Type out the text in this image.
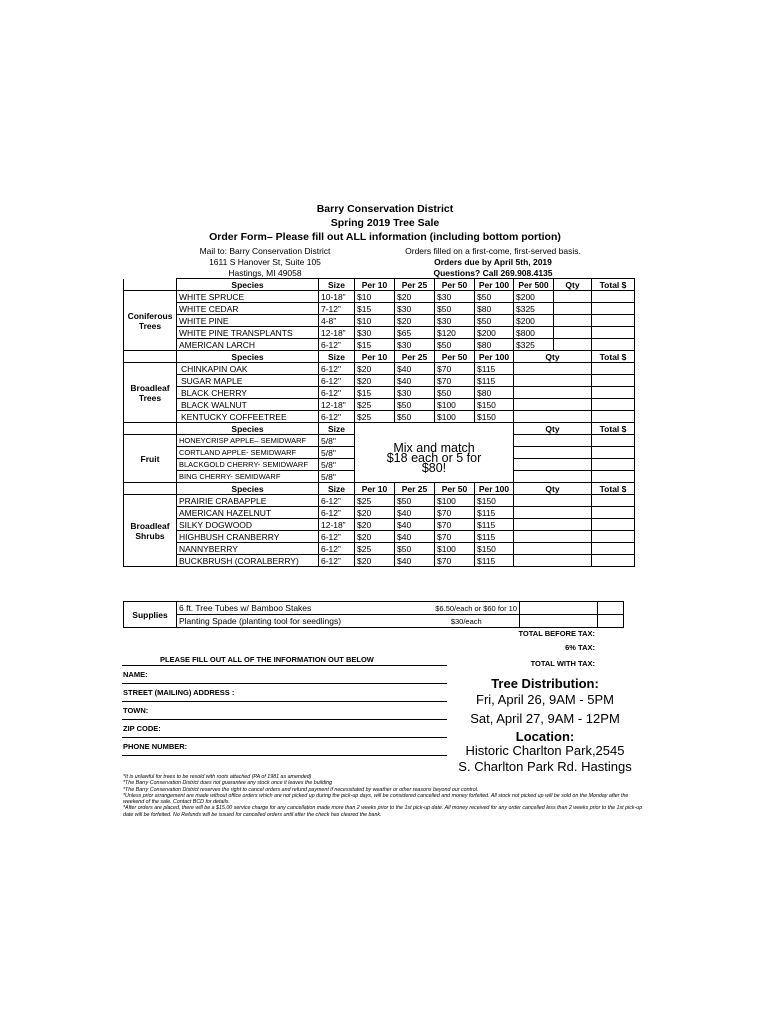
Barry Conservation District
Spring 2019 Tree Sale
Order Form– Please fill out ALL information (including bottom portion)
Mail to: Barry Conservation District
1611 S Hanover St, Suite 105
Hastings, MI 49058
Orders filled on a first-come, first-served basis.
Orders due by April 5th, 2019
Questions? Call 269.908.4135
	Species	Size	Per 10	Per 25	Per 50	Per 100	Per 500	Qty	Total $
Coniferous Trees	WHITE SPRUCE	10-18”	$10	$20	$30	$50	$200		
	WHITE CEDAR	7-12”	$15	$30	$50	$80	$325		
	WHITE PINE	4-8”	$10	$20	$30	$50	$200		
	WHITE PINE TRANSPLANTS	12-18”	$30	$65	$120	$200	$800		
	AMERICAN LARCH	6-12”	$15	$30	$50	$80	$325		
	Species	Size	Per 10	Per 25	Per 50	Per 100	Qty		Total $
Broadleaf Trees	CHINKAPIN OAK	6-12"	$20	$40	$70	$115			
	SUGAR MAPLE	6-12"	$20	$40	$70	$115			
	BLACK CHERRY	6-12"	$15	$30	$50	$80			
	BLACK WALNUT	12-18"	$25	$50	$100	$150			
	KENTUCKY COFFEETREE	6-12"	$25	$50	$100	$150			
	Species	Size					Qty		Total $
Fruit	HONEYCRISP APPLE– SEMIDWARF	5/8"	Mix and match
$18 each or 5 for
$80!						

	CORTLAND APPLE- SEMIDWARF	5/8"							
	BLACKGOLD CHERRY- SEMIDWARF	5/8"							
	BING CHERRY- SEMIDWARF	5/8"							
	Species	Size	Per 10	Per 25	Per 50	Per 100	Qty		Total $
Broadleaf Shrubs	PRAIRIE CRABAPPLE	6-12”	$25	$50	$100	$150			
	AMERICAN HAZELNUT	6-12”	$20	$40	$70	$115			
	SILKY DOGWOOD	12-18”	$20	$40	$70	$115			
	HIGHBUSH CRANBERRY	6-12”	$20	$40	$70	$115			
	NANNYBERRY	6-12”	$25	$50	$100	$150			
	BUCKBRUSH (CORALBERRY)	6-12”	$20	$40	$70	$115			
Supplies	6 ft. Tree Tubes w/ Bamboo Stakes	$6.50/each or $60 for 10		
	Planting Spade (planting tool for seedlings)	$30/each		
TOTAL BEFORE TAX:
6% TAX:
TOTAL WITH TAX:
PLEASE FILL OUT ALL OF THE INFORMATION OUT BELOW
NAME:
STREET (MAILING) ADDRESS :
TOWN:
ZIP CODE:
PHONE NUMBER:
Tree Distribution:
Fri, April 26, 9AM - 5PM
Sat, April 27, 9AM - 12PM
Location:
Historic Charlton Park,2545
S. Charlton Park Rd. Hastings
*It is unlawful for trees to be resold with roots attached (PA of 1981 as amended)
*The Barry Conservation District does not guarantee any stock once it leaves the building
*The Barry Conservation District reserves the right to cancel orders and refund payment if necessitated by weather or other reasons beyond our control.
*Unless prior arrangement are made without office orders which are not picked up during the pick-up days, will be considered cancelled and money forfeited. All stock not picked up will be sold on the Monday after the weekend of the sale. Contact BCD for details.
*After orders are placed, there will be a $15.00 service charge for any cancellation made more than 2 weeks prior to the 1st pick-up date. All money received for any order cancelled less than 2 weeks prior to the 1st pick-up date will be forfeited. No Refunds will be issued for cancelled orders until after the check has cleared the bank.
